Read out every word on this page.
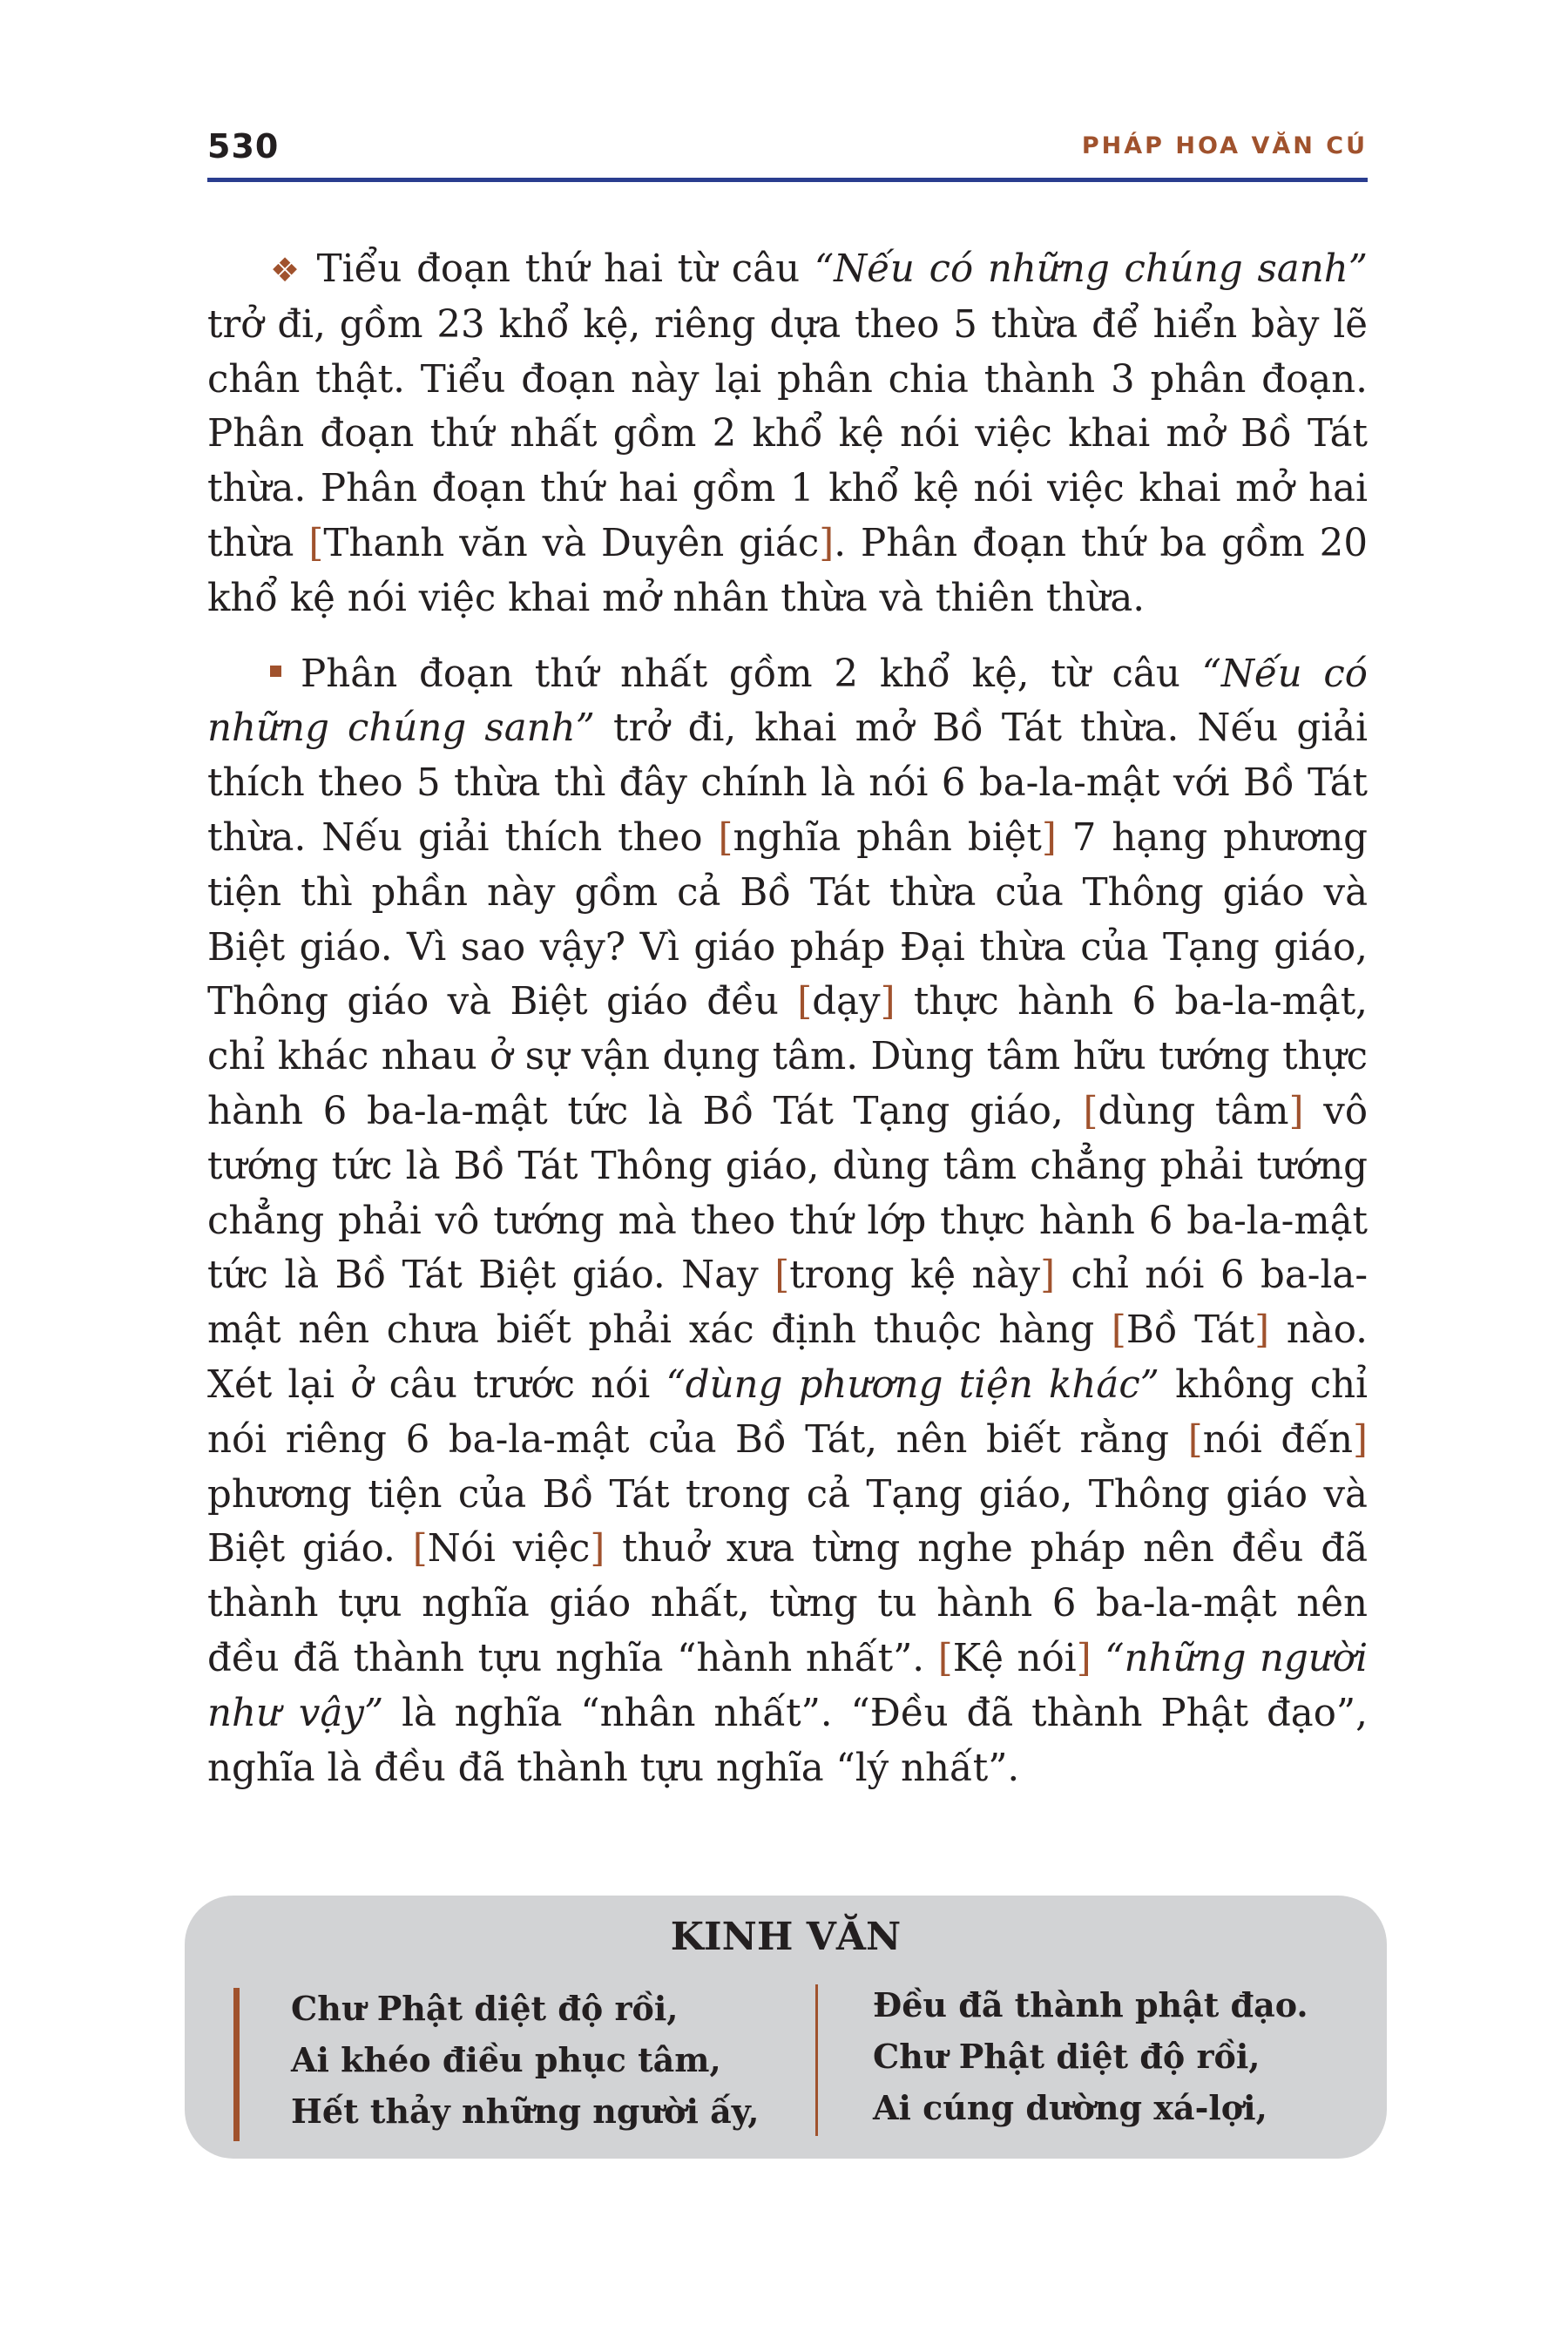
530	PHÁP HOA VĂN CÚ

❖ Tiểu đoạn thứ hai từ câu “Nếu có những chúng sanh” trở đi, gồm 23 khổ kệ, riêng dựa theo 5 thừa để hiển bày lẽ chân thật. Tiểu đoạn này lại phân chia thành 3 phân đoạn. Phân đoạn thứ nhất gồm 2 khổ kệ nói việc khai mở Bồ Tát thừa. Phân đoạn thứ hai gồm 1 khổ kệ nói việc khai mở hai thừa [Thanh văn và Duyên giác]. Phân đoạn thứ ba gồm 20 khổ kệ nói việc khai mở nhân thừa và thiên thừa.

Phân đoạn thứ nhất gồm 2 khổ kệ, từ câu “Nếu có những chúng sanh” trở đi, khai mở Bồ Tát thừa. Nếu giải thích theo 5 thừa thì đây chính là nói 6 ba-la-mật với Bồ Tát thừa. Nếu giải thích theo [nghĩa phân biệt] 7 hạng phương tiện thì phần này gồm cả Bồ Tát thừa của Thông giáo và Biệt giáo. Vì sao vậy? Vì giáo pháp Đại thừa của Tạng giáo, Thông giáo và Biệt giáo đều [dạy] thực hành 6 ba-la-mật, chỉ khác nhau ở sự vận dụng tâm. Dùng tâm hữu tướng thực hành 6 ba-la-mật tức là Bồ Tát Tạng giáo, [dùng tâm] vô tướng tức là Bồ Tát Thông giáo, dùng tâm chẳng phải tướng chẳng phải vô tướng mà theo thứ lớp thực hành 6 ba-la-mật tức là Bồ Tát Biệt giáo. Nay [trong kệ này] chỉ nói 6 ba-la-mật nên chưa biết phải xác định thuộc hàng [Bồ Tát] nào. Xét lại ở câu trước nói “dùng phương tiện khác” không chỉ nói riêng 6 ba-la-mật của Bồ Tát, nên biết rằng [nói đến] phương tiện của Bồ Tát trong cả Tạng giáo, Thông giáo và Biệt giáo. [Nói việc] thuở xưa từng nghe pháp nên đều đã thành tựu nghĩa giáo nhất, từng tu hành 6 ba-la-mật nên đều đã thành tựu nghĩa “hành nhất”. [Kệ nói] “những người như vậy” là nghĩa “nhân nhất”. “Đều đã thành Phật đạo”, nghĩa là đều đã thành tựu nghĩa “lý nhất”.

KINH VĂN
Chư Phật diệt độ rồi,
Ai khéo điều phục tâm,
Hết thảy những người ấy,
Đều đã thành phật đạo.
Chư Phật diệt độ rồi,
Ai cúng dường xá-lợi,
